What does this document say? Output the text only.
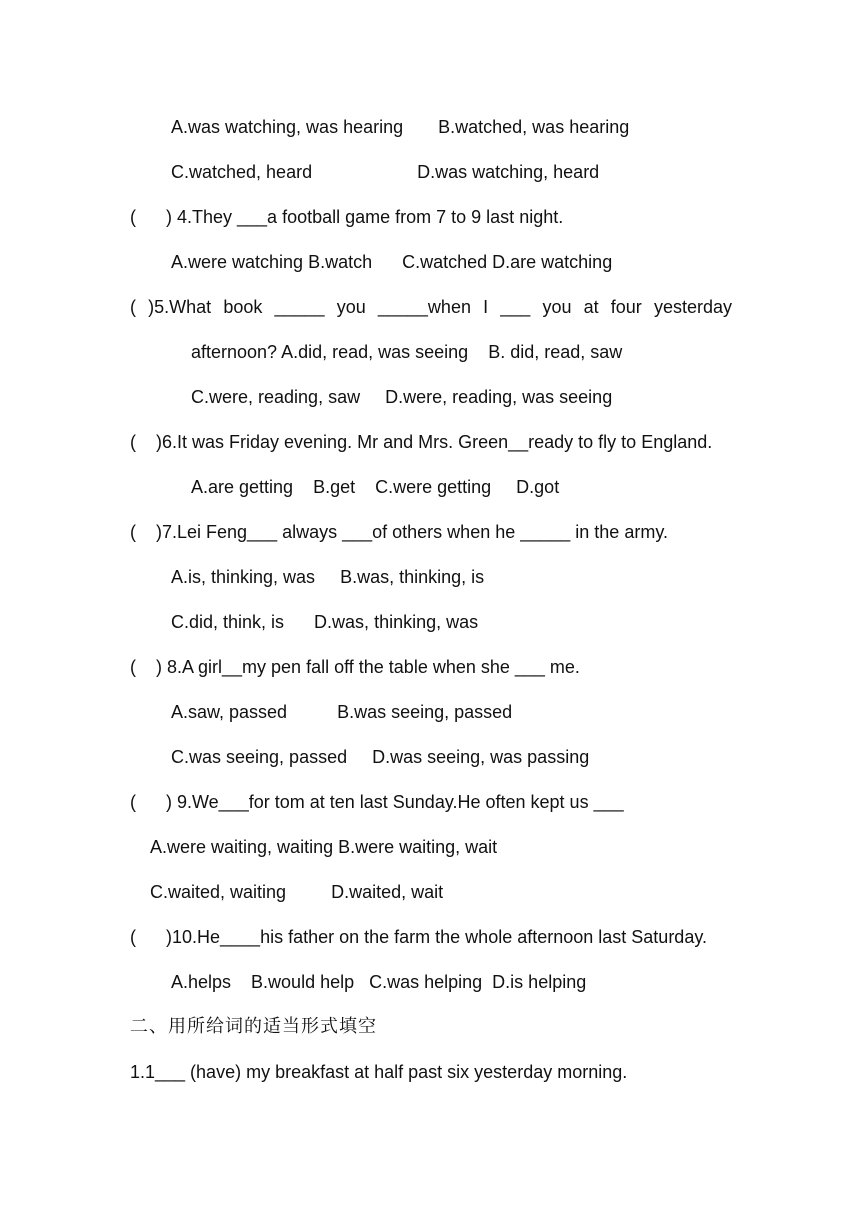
A.was watching, was hearing       B.watched, was hearing
C.watched, heard                     D.was watching, heard
(      ) 4.They ___a football game from 7 to 9 last night.
A.were watching B.watch      C.watched D.are watching
( )5.What book _____ you _____when I ___ you at four yesterday
afternoon? A.did, read, was seeing    B. did, read, saw
C.were, reading, saw     D.were, reading, was seeing
(    )6.It was Friday evening. Mr and Mrs. Green__ready to fly to England.
A.are getting    B.get    C.were getting     D.got
(    )7.Lei Feng___ always ___of others when he _____ in the army.
A.is, thinking, was     B.was, thinking, is
C.did, think, is      D.was, thinking, was
(    ) 8.A girl__my pen fall off the table when she ___ me.
A.saw, passed          B.was seeing, passed
C.was seeing, passed     D.was seeing, was passing
(      ) 9.We___for tom at ten last Sunday.He often kept us ___
A.were waiting, waiting B.were waiting, wait
C.waited, waiting         D.waited, wait
(      )10.He____his father on the farm the whole afternoon last Saturday.
A.helps    B.would help   C.was helping  D.is helping
二、用所给词的适当形式填空
1.1___ (have) my breakfast at half past six yesterday morning.
